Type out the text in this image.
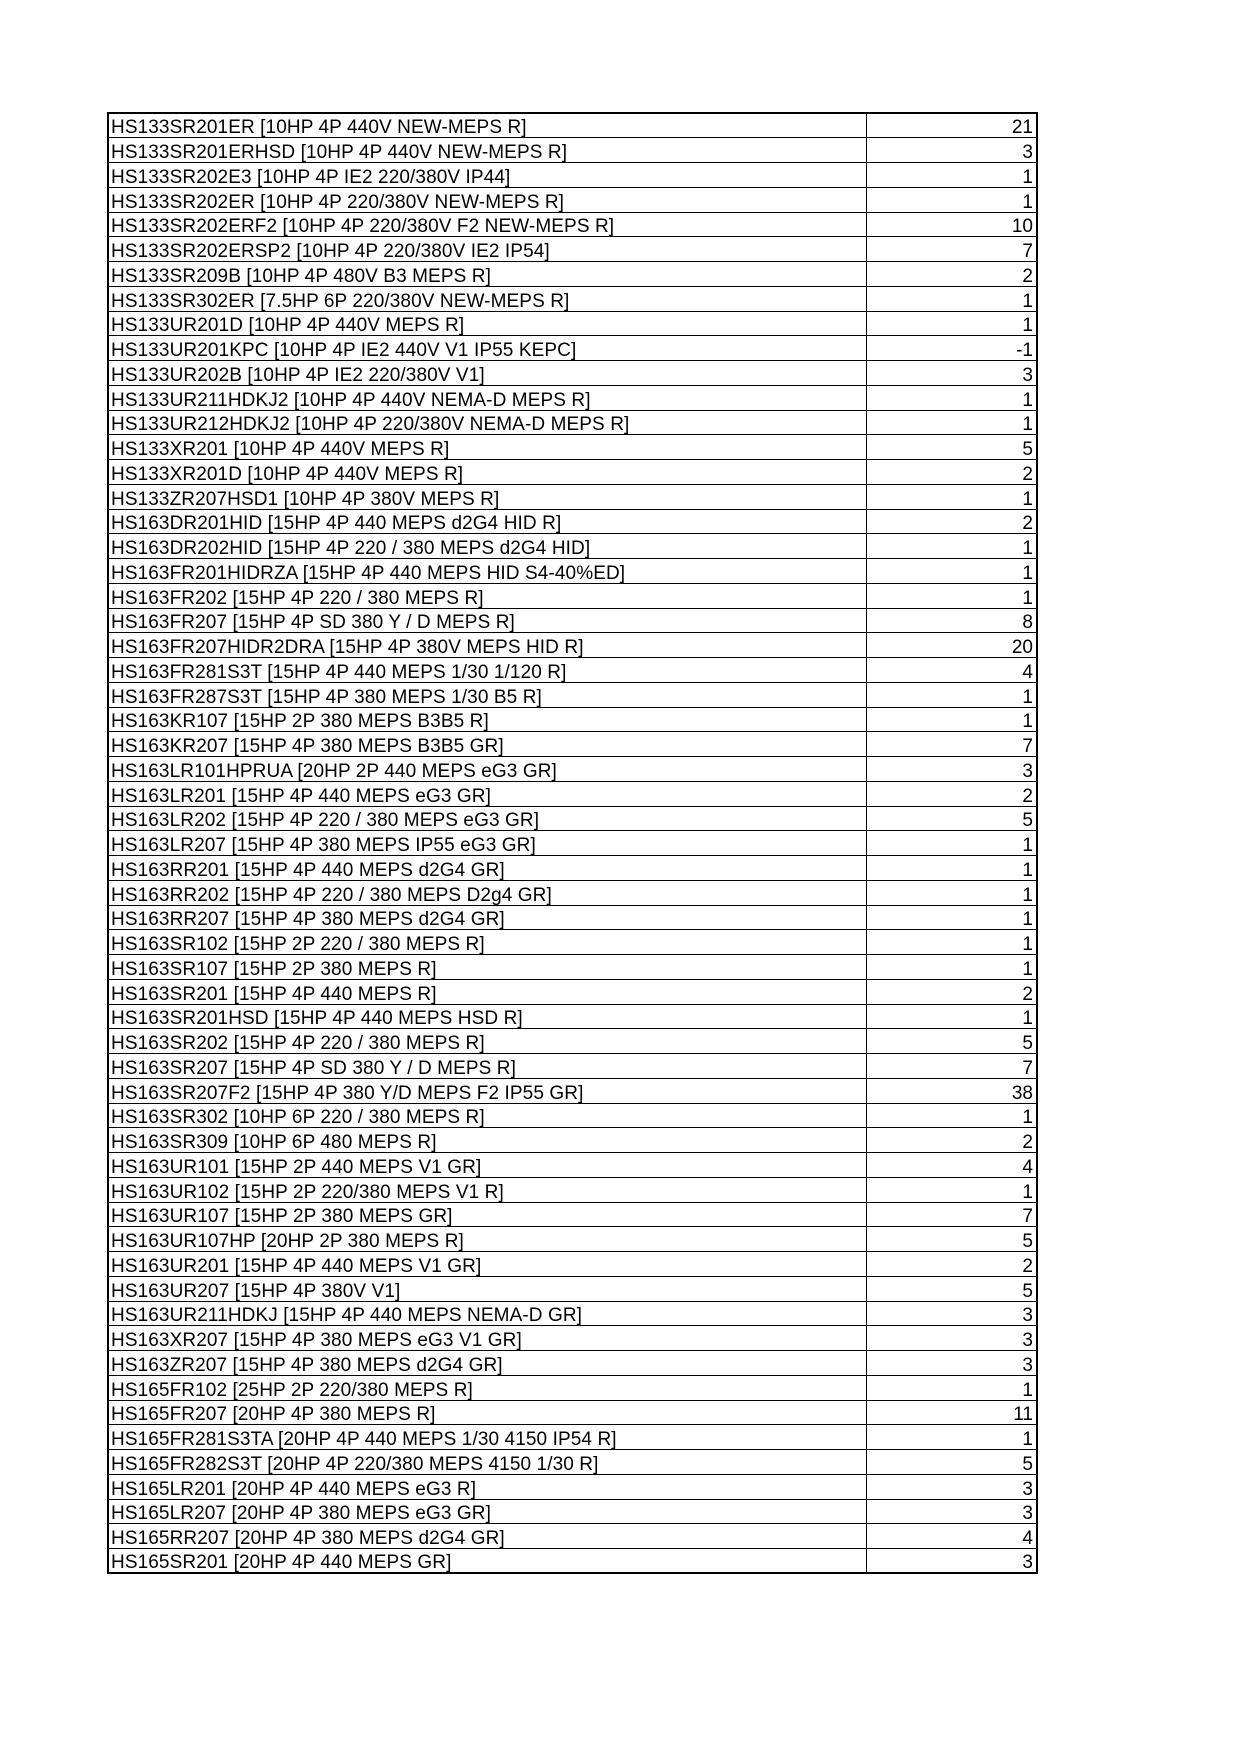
HS133SR201ER [10HP 4P 440V NEW-MEPS R]	21
HS133SR201ERHSD [10HP 4P 440V NEW-MEPS R]	3
HS133SR202E3 [10HP 4P IE2 220/380V IP44]	1
HS133SR202ER [10HP 4P 220/380V NEW-MEPS R]	1
HS133SR202ERF2 [10HP 4P 220/380V F2 NEW-MEPS R]	10
HS133SR202ERSP2 [10HP 4P 220/380V IE2 IP54]	7
HS133SR209B [10HP 4P 480V B3 MEPS R]	2
HS133SR302ER [7.5HP 6P 220/380V NEW-MEPS R]	1
HS133UR201D [10HP 4P 440V MEPS R]	1
HS133UR201KPC [10HP 4P IE2 440V V1 IP55 KEPC]	-1
HS133UR202B [10HP 4P IE2 220/380V V1]	3
HS133UR211HDKJ2 [10HP 4P 440V NEMA-D MEPS R]	1
HS133UR212HDKJ2 [10HP 4P 220/380V NEMA-D MEPS R]	1
HS133XR201 [10HP 4P 440V MEPS R]	5
HS133XR201D [10HP 4P 440V MEPS R]	2
HS133ZR207HSD1 [10HP 4P 380V MEPS R]	1
HS163DR201HID [15HP 4P 440 MEPS d2G4 HID R]	2
HS163DR202HID [15HP 4P 220 / 380 MEPS d2G4 HID]	1
HS163FR201HIDRZA [15HP 4P 440 MEPS HID S4-40%ED]	1
HS163FR202 [15HP 4P 220 / 380 MEPS R]	1
HS163FR207 [15HP 4P SD 380 Y / D MEPS R]	8
HS163FR207HIDR2DRA [15HP 4P 380V MEPS HID R]	20
HS163FR281S3T [15HP 4P 440 MEPS 1/30 1/120 R]	4
HS163FR287S3T [15HP 4P 380 MEPS 1/30 B5 R]	1
HS163KR107 [15HP 2P 380 MEPS B3B5 R]	1
HS163KR207 [15HP 4P 380 MEPS B3B5 GR]	7
HS163LR101HPRUA [20HP 2P 440 MEPS eG3 GR]	3
HS163LR201 [15HP 4P 440 MEPS eG3 GR]	2
HS163LR202 [15HP 4P 220 / 380 MEPS eG3 GR]	5
HS163LR207 [15HP 4P 380 MEPS IP55 eG3 GR]	1
HS163RR201 [15HP 4P 440 MEPS d2G4 GR]	1
HS163RR202 [15HP 4P 220 / 380 MEPS D2g4 GR]	1
HS163RR207 [15HP 4P 380 MEPS d2G4 GR]	1
HS163SR102 [15HP 2P 220 / 380 MEPS R]	1
HS163SR107 [15HP 2P 380 MEPS R]	1
HS163SR201 [15HP 4P 440 MEPS R]	2
HS163SR201HSD [15HP 4P 440 MEPS HSD R]	1
HS163SR202 [15HP 4P 220 / 380 MEPS R]	5
HS163SR207 [15HP 4P SD 380 Y / D MEPS R]	7
HS163SR207F2 [15HP 4P 380 Y/D MEPS F2 IP55 GR]	38
HS163SR302 [10HP 6P 220 / 380 MEPS R]	1
HS163SR309 [10HP 6P 480 MEPS R]	2
HS163UR101 [15HP 2P 440 MEPS V1 GR]	4
HS163UR102 [15HP 2P 220/380 MEPS V1 R]	1
HS163UR107 [15HP 2P 380 MEPS GR]	7
HS163UR107HP [20HP 2P 380 MEPS R]	5
HS163UR201 [15HP 4P 440 MEPS V1 GR]	2
HS163UR207 [15HP 4P 380V V1]	5
HS163UR211HDKJ [15HP 4P 440 MEPS NEMA-D GR]	3
HS163XR207 [15HP 4P 380 MEPS eG3 V1 GR]	3
HS163ZR207 [15HP 4P 380 MEPS d2G4 GR]	3
HS165FR102 [25HP 2P 220/380 MEPS R]	1
HS165FR207 [20HP 4P 380 MEPS R]	11
HS165FR281S3TA [20HP 4P 440 MEPS 1/30 4150 IP54 R]	1
HS165FR282S3T [20HP 4P 220/380 MEPS 4150 1/30 R]	5
HS165LR201 [20HP 4P 440 MEPS eG3 R]	3
HS165LR207 [20HP 4P 380 MEPS eG3 GR]	3
HS165RR207 [20HP 4P 380 MEPS d2G4 GR]	4
HS165SR201 [20HP 4P 440 MEPS GR]	3
